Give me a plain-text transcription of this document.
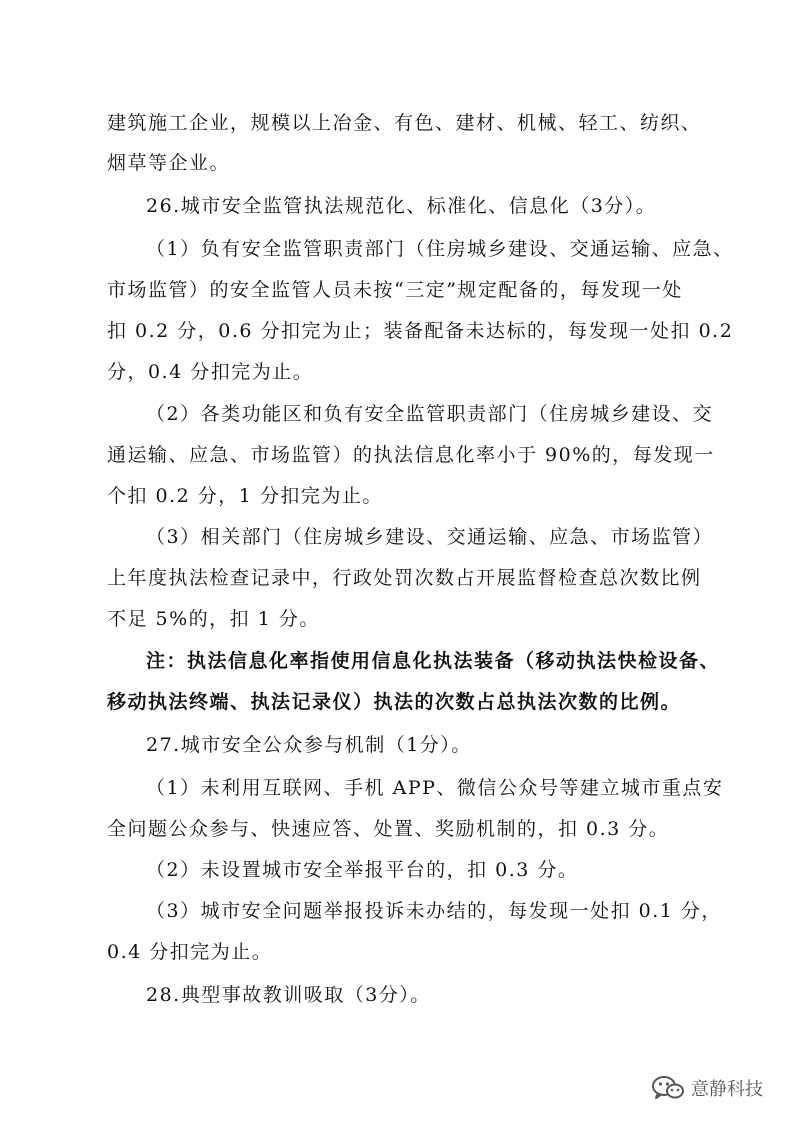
建筑施工企业，规模以上冶金、有色、建材、机械、轻工、纺织、
烟草等企业。
26.城市安全监管执法规范化、标准化、信息化（3分）。
（1）负有安全监管职责部门（住房城乡建设、交通运输、应急、
市场监管）的安全监管人员未按“三定”规定配备的，每发现一处
扣 0.2 分，0.6 分扣完为止；装备配备未达标的，每发现一处扣 0.2
分，0.4 分扣完为止。
（2）各类功能区和负有安全监管职责部门（住房城乡建设、交
通运输、应急、市场监管）的执法信息化率小于 90%的，每发现一
个扣 0.2 分，1 分扣完为止。
（3）相关部门（住房城乡建设、交通运输、应急、市场监管）
上年度执法检查记录中，行政处罚次数占开展监督检查总次数比例
不足 5%的，扣 1 分。
注：执法信息化率指使用信息化执法装备（移动执法快检设备、
移动执法终端、执法记录仪）执法的次数占总执法次数的比例。
27.城市安全公众参与机制（1分）。
（1）未利用互联网、手机 APP、微信公众号等建立城市重点安
全问题公众参与、快速应答、处置、奖励机制的，扣 0.3 分。
（2）未设置城市安全举报平台的，扣 0.3 分。
（3）城市安全问题举报投诉未办结的，每发现一处扣 0.1 分，
0.4 分扣完为止。
28.典型事故教训吸取（3分）。
意静科技
